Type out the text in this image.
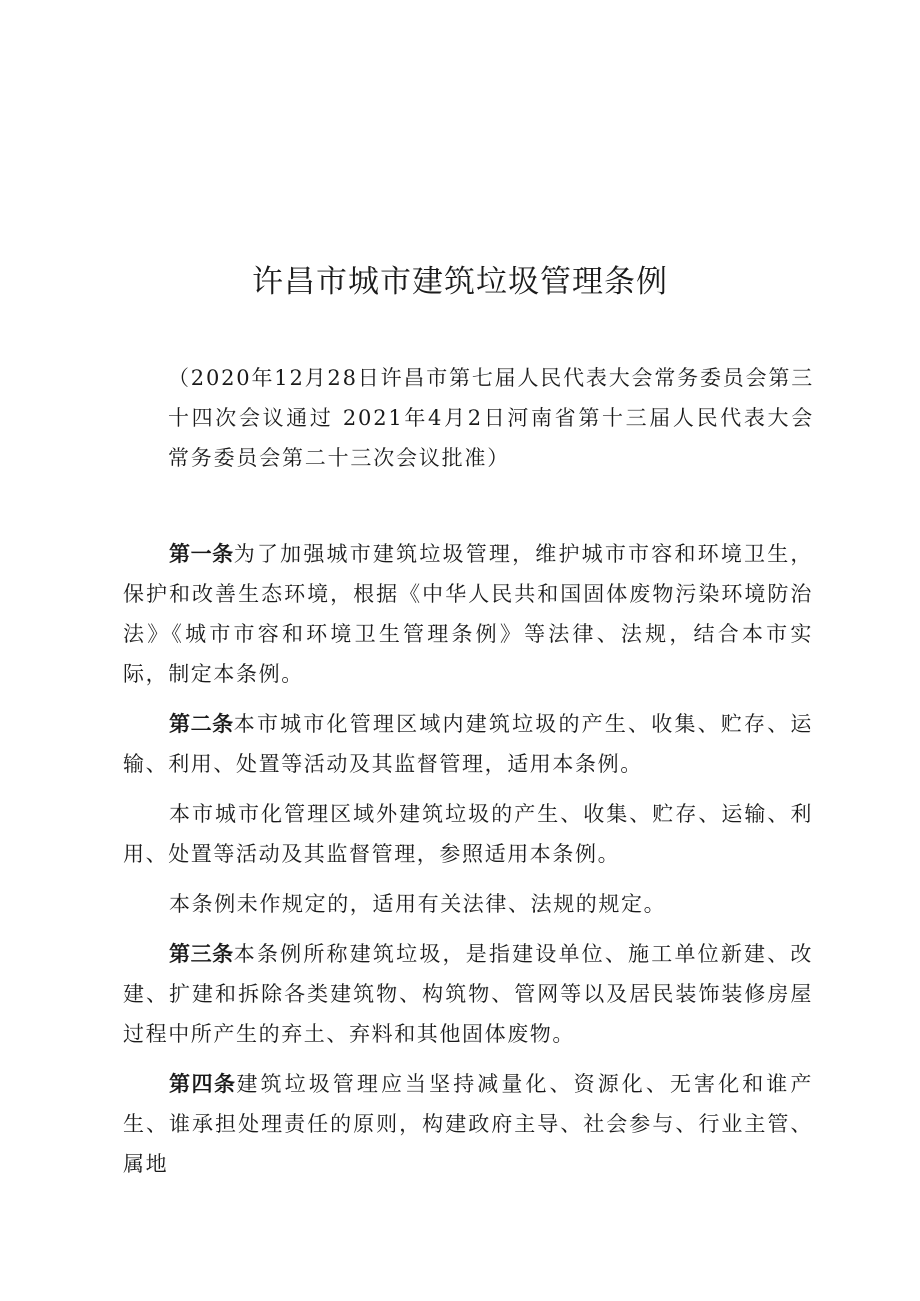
许昌市城市建筑垃圾管理条例
（2020年12月28日许昌市第七届人民代表大会常务委员会第三十四次会议通过 2021年4月2日河南省第十三届人民代表大会常务委员会第二十三次会议批准）

第一条为了加强城市建筑垃圾管理，维护城市市容和环境卫生，保护和改善生态环境，根据《中华人民共和国固体废物污染环境防治法》《城市市容和环境卫生管理条例》等法律、法规，结合本市实际，制定本条例。

第二条本市城市化管理区域内建筑垃圾的产生、收集、贮存、运输、利用、处置等活动及其监督管理，适用本条例。

本市城市化管理区域外建筑垃圾的产生、收集、贮存、运输、利用、处置等活动及其监督管理，参照适用本条例。

本条例未作规定的，适用有关法律、法规的规定。

第三条本条例所称建筑垃圾，是指建设单位、施工单位新建、改建、扩建和拆除各类建筑物、构筑物、管网等以及居民装饰装修房屋过程中所产生的弃土、弃料和其他固体废物。

第四条建筑垃圾管理应当坚持减量化、资源化、无害化和谁产生、谁承担处理责任的原则，构建政府主导、社会参与、行业主管、属地
